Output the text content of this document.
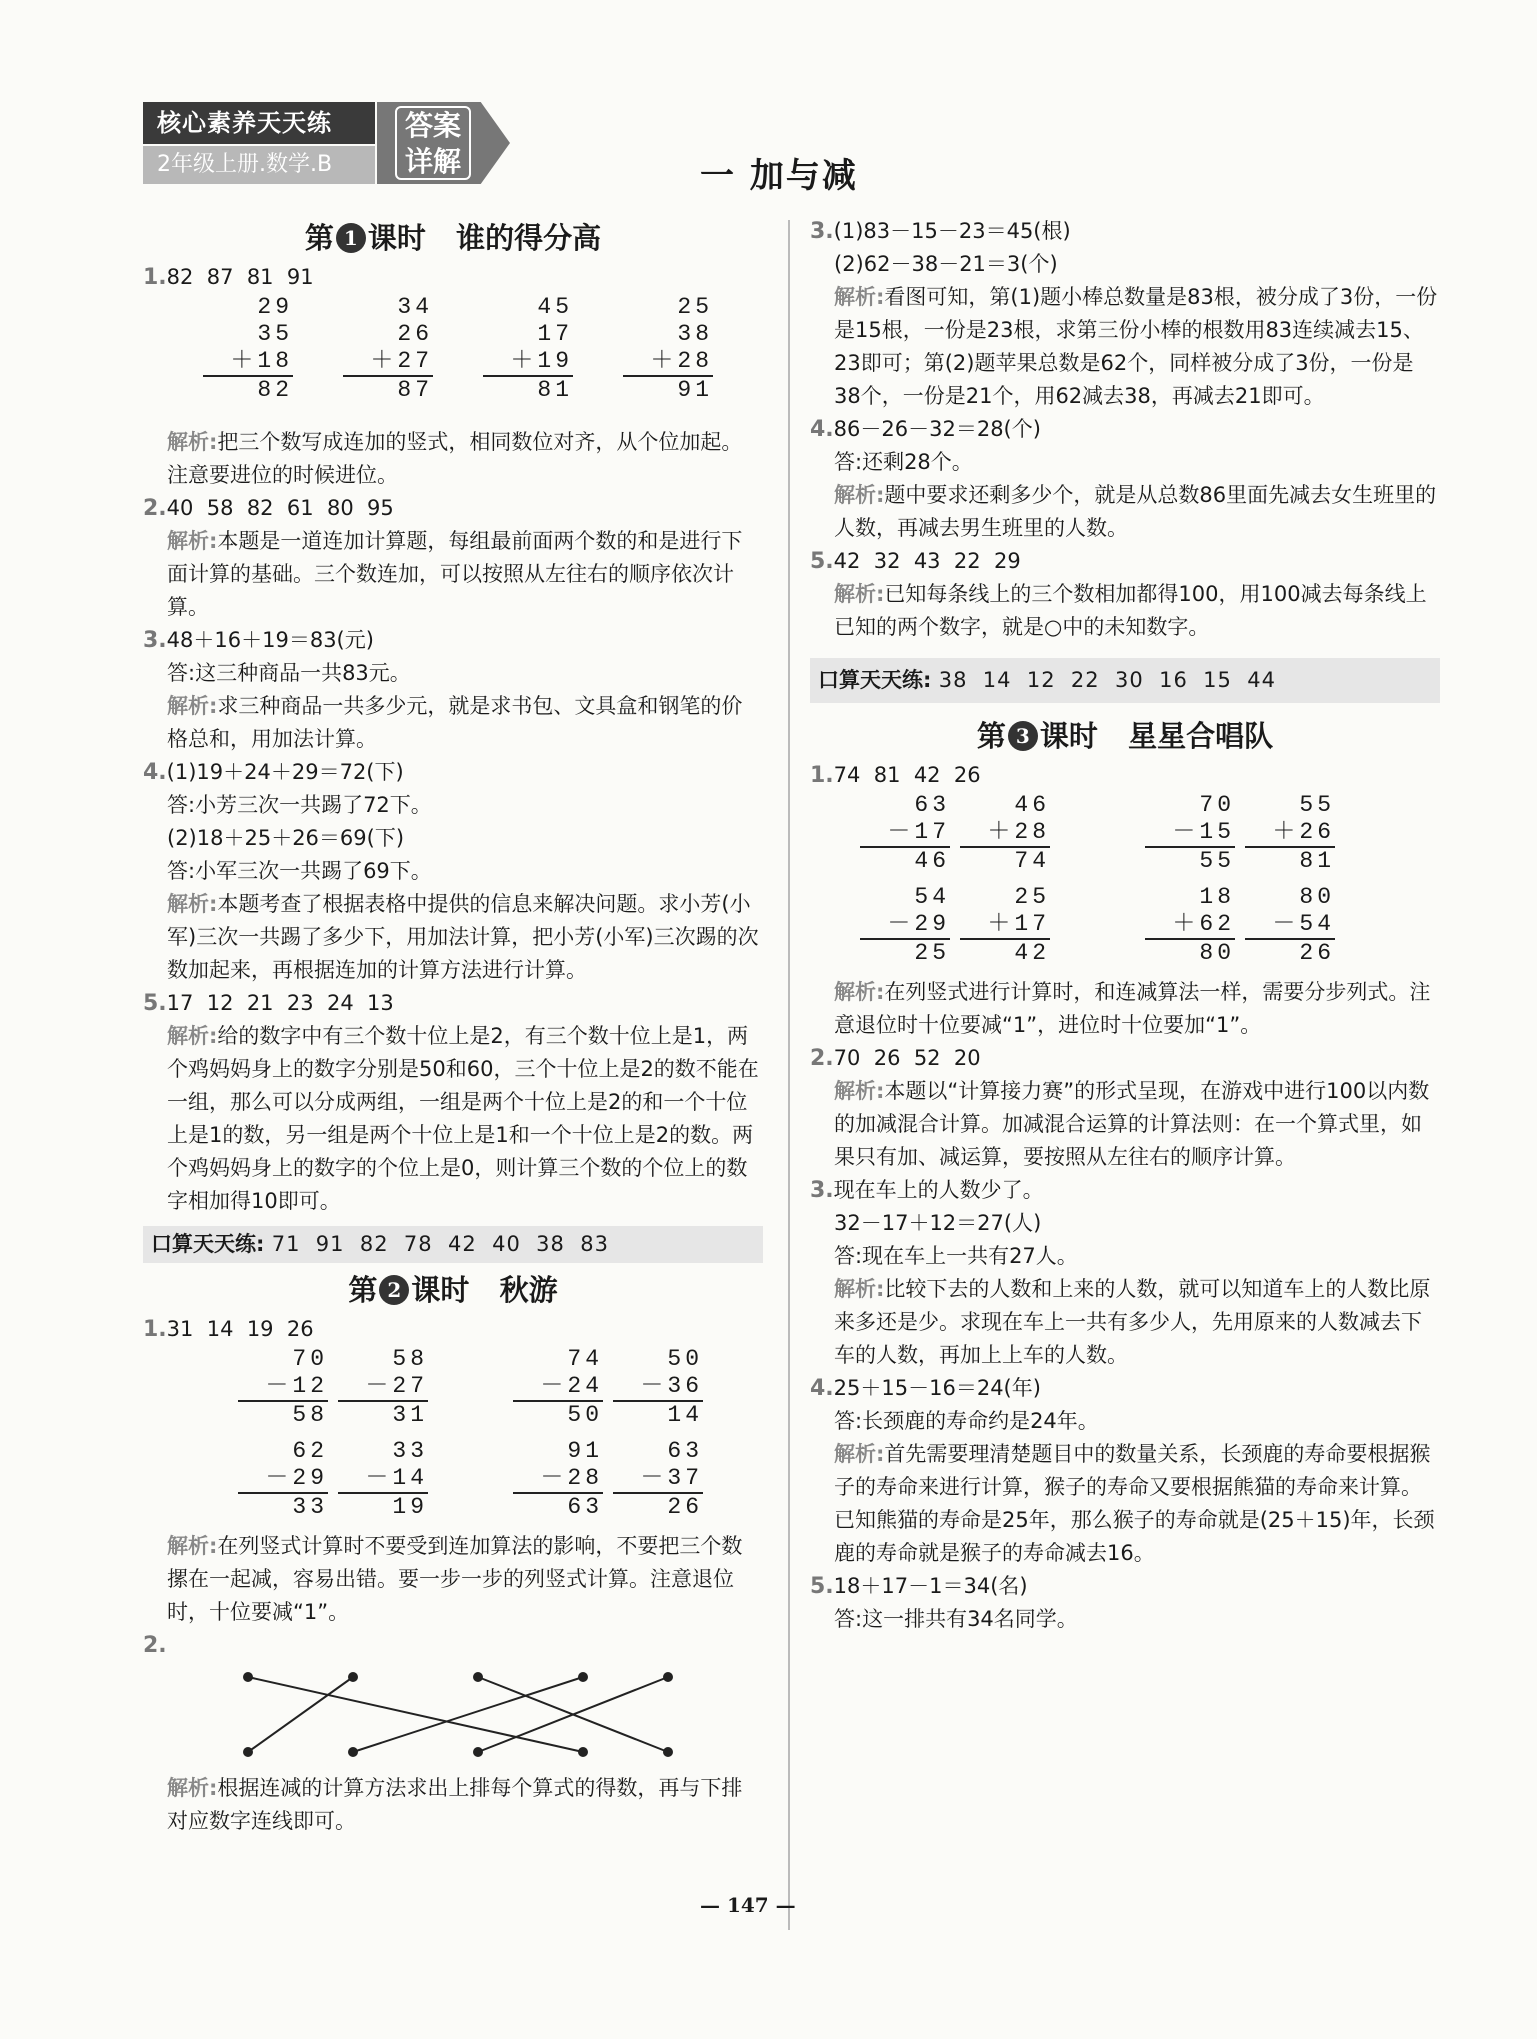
核心素养天天练
2年级上册.数学.B
答案
详解	一 加与减
第 1 课时 谁的得分高
1.82  87  81  91
29
35
＋18
82
34
26
＋27
87
45
17
＋19
81
25
38
＋28
91
解析:把三个数写成连加的竖式，相同数位对齐，从个位加起。注意要进位的时候进位。
2.40  58  82  61  80  95
解析:本题是一道连加计算题，每组最前面两个数的和是进行下面计算的基础。三个数连加，可以按照从左往右的顺序依次计算。
3.48＋16＋19＝83(元)
答:这三种商品一共83元。
解析:求三种商品一共多少元，就是求书包、文具盒和钢笔的价格总和，用加法计算。
4.(1)19＋24＋29＝72(下)
答:小芳三次一共踢了72下。
(2)18＋25＋26＝69(下)
答:小军三次一共踢了69下。
解析:本题考查了根据表格中提供的信息来解决问题。求小芳(小军)三次一共踢了多少下，用加法计算，把小芳(小军)三次踢的次数加起来，再根据连加的计算方法进行计算。
5.17  12  21  23  24  13
解析:给的数字中有三个数十位上是2，有三个数十位上是1，两个鸡妈妈身上的数字分别是50和60，三个十位上是2的数不能在一组，那么可以分成两组，一组是两个十位上是2的和一个十位上是1的数，另一组是两个十位上是1和一个十位上是2的数。两个鸡妈妈身上的数字的个位上是0，则计算三个数的个位上的数字相加得10即可。
口算天天练: 71  91  82  78  42  40  38  83
第 2 课时 秋游
1.31  14  19  26
70
－12
58
58
－27
31
74
－24
50
50
－36
14
62
－29
33
33
－14
19
91
－28
63
63
－37
26
解析:在列竖式计算时不要受到连加算法的影响，不要把三个数摞在一起减，容易出错。要一步一步的列竖式计算。注意退位时，十位要减“1”。
2.
解析:根据连减的计算方法求出上排每个算式的得数，再与下排对应数字连线即可。
3.(1)83－15－23＝45(根)
(2)62－38－21＝3(个)
解析:看图可知，第(1)题小棒总数量是83根，被分成了3份，一份是15根，一份是23根，求第三份小棒的根数用83连续减去15、23即可；第(2)题苹果总数是62个，同样被分成了3份，一份是38个，一份是21个，用62减去38，再减去21即可。
4.86－26－32＝28(个)
答:还剩28个。
解析:题中要求还剩多少个，就是从总数86里面先减去女生班里的人数，再减去男生班里的人数。
5.42  32  43  22  29
解析:已知每条线上的三个数相加都得100，用100减去每条线上已知的两个数字，就是○中的未知数字。
口算天天练: 38  14  12  22  30  16  15  44
第 3 课时 星星合唱队
1.74  81  42  26
63
－17
46
46
＋28
74
70
－15
55
55
＋26
81
54
－29
25
25
＋17
42
18
＋62
80
80
－54
26
解析:在列竖式进行计算时，和连减算法一样，需要分步列式。注意退位时十位要减“1”，进位时十位要加“1”。
2.70  26  52  20
解析:本题以“计算接力赛”的形式呈现，在游戏中进行100以内数的加减混合计算。加减混合运算的计算法则：在一个算式里，如果只有加、减运算，要按照从左往右的顺序计算。
3.现在车上的人数少了。
32－17＋12＝27(人)
答:现在车上一共有27人。
解析:比较下去的人数和上来的人数，就可以知道车上的人数比原来多还是少。求现在车上一共有多少人，先用原来的人数减去下车的人数，再加上上车的人数。
4.25＋15－16＝24(年)
答:长颈鹿的寿命约是24年。
解析:首先需要理清楚题目中的数量关系，长颈鹿的寿命要根据猴子的寿命来进行计算，猴子的寿命又要根据熊猫的寿命来计算。已知熊猫的寿命是25年，那么猴子的寿命就是(25＋15)年，长颈鹿的寿命就是猴子的寿命减去16。
5.18＋17－1＝34(名)
答:这一排共有34名同学。
— 147 —
